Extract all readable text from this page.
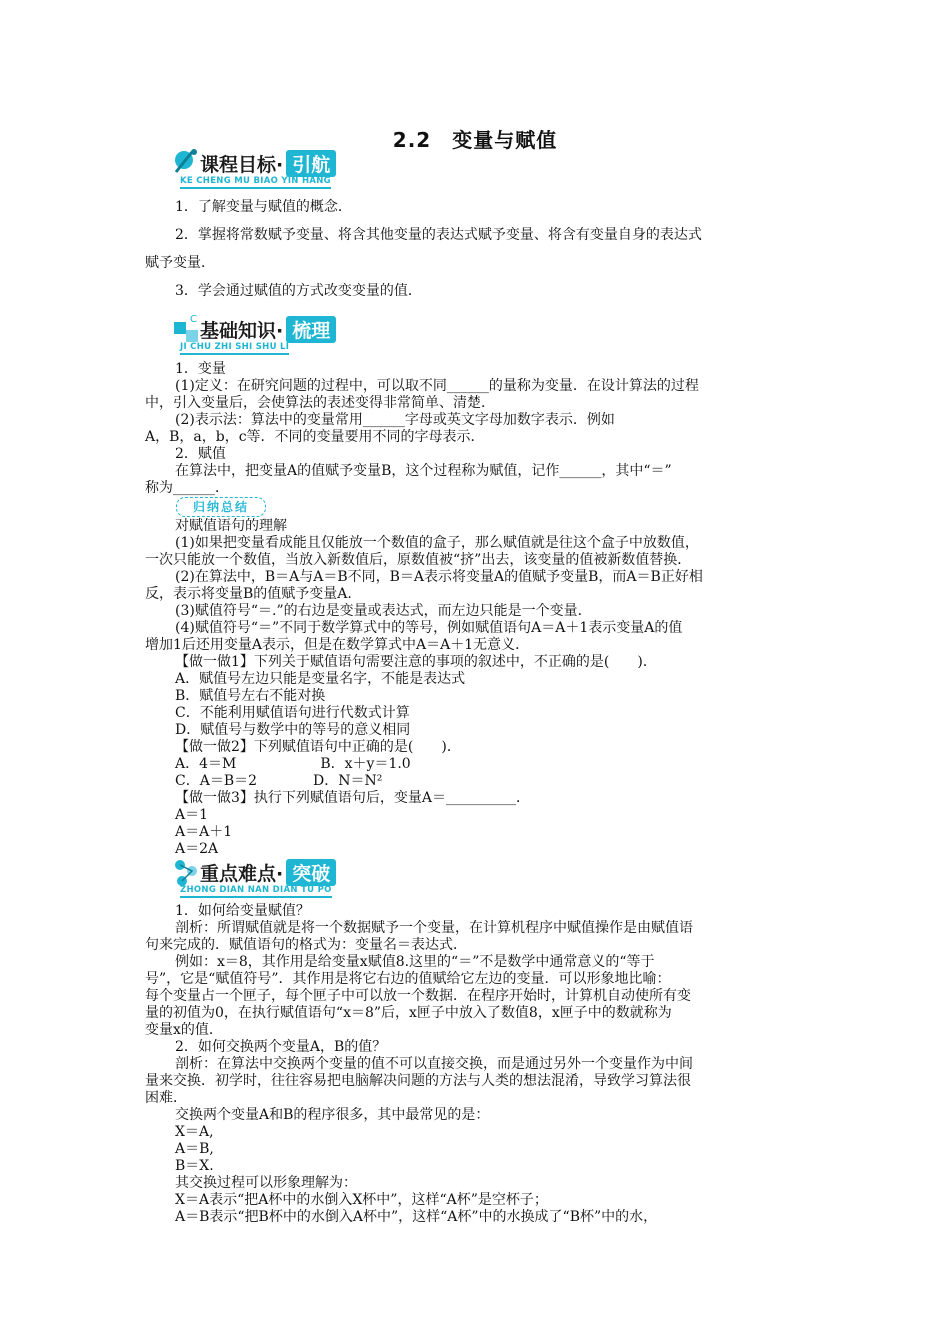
2.2　变量与赋值
课程目标· 引航
KE CHENG MU BIAO YIN HANG
1．了解变量与赋值的概念．
2．掌握将常数赋予变量、将含其他变量的表达式赋予变量、将含有变量自身的表达式
赋予变量．
3．学会通过赋值的方式改变变量的值．
C
基础知识· 梳理
JI CHU ZHI SHI SHU LI
1．变量
(1)定义：在研究问题的过程中，可以取不同______的量称为变量．在设计算法的过程
中，引入变量后，会使算法的表述变得非常简单、清楚．
(2)表示法：算法中的变量常用______字母或英文字母加数字表示．例如
A，B，a，b，c等．不同的变量要用不同的字母表示．
2．赋值
在算法中，把变量A的值赋予变量B，这个过程称为赋值，记作______，其中“＝”
称为______．
归纳总结
对赋值语句的理解
(1)如果把变量看成能且仅能放一个数值的盒子，那么赋值就是往这个盒子中放数值，
一次只能放一个数值，当放入新数值后，原数值被“挤”出去，该变量的值被新数值替换．
(2)在算法中，B＝A与A＝B不同，B＝A表示将变量A的值赋予变量B，而A＝B正好相
反，表示将变量B的值赋予变量A.
(3)赋值符号“＝.”的右边是变量或表达式，而左边只能是一个变量．
(4)赋值符号“＝”不同于数学算式中的等号，例如赋值语句A＝A＋1表示变量A的值
增加1后还用变量A表示，但是在数学算式中A＝A＋1无意义．
【做一做1】下列关于赋值语句需要注意的事项的叙述中，不正确的是(　　)．
A．赋值号左边只能是变量名字，不能是表达式
B．赋值号左右不能对换
C．不能利用赋值语句进行代数式计算
D．赋值号与数学中的等号的意义相同
【做一做2】下列赋值语句中正确的是(　　)．
A．4＝M　　　　　　B．x＋y＝1.0
C．A＝B＝2　　　　D．N＝N²
【做一做3】执行下列赋值语句后，变量A＝__________．
A＝1
A＝A＋1
A＝2A
重点难点· 突破
ZHONG DIAN NAN DIAN TU PO
1．如何给变量赋值？
剖析：所谓赋值就是将一个数据赋予一个变量，在计算机程序中赋值操作是由赋值语
句来完成的．赋值语句的格式为：变量名＝表达式．
例如：x＝8，其作用是给变量x赋值8.这里的“＝”不是数学中通常意义的“等于
号”，它是“赋值符号”．其作用是将它右边的值赋给它左边的变量．可以形象地比喻：
每个变量占一个匣子，每个匣子中可以放一个数据．在程序开始时，计算机自动使所有变
量的初值为0，在执行赋值语句“x＝8”后，x匣子中放入了数值8，x匣子中的数就称为
变量x的值．
2．如何交换两个变量A，B的值？
剖析：在算法中交换两个变量的值不可以直接交换，而是通过另外一个变量作为中间
量来交换．初学时，往往容易把电脑解决问题的方法与人类的想法混淆，导致学习算法很
困难．
交换两个变量A和B的程序很多，其中最常见的是：
X＝A,
A＝B,
B＝X.
其交换过程可以形象理解为：
X＝A表示“把A杯中的水倒入X杯中”，这样“A杯”是空杯子；
A＝B表示“把B杯中的水倒入A杯中”，这样“A杯”中的水换成了“B杯”中的水，
